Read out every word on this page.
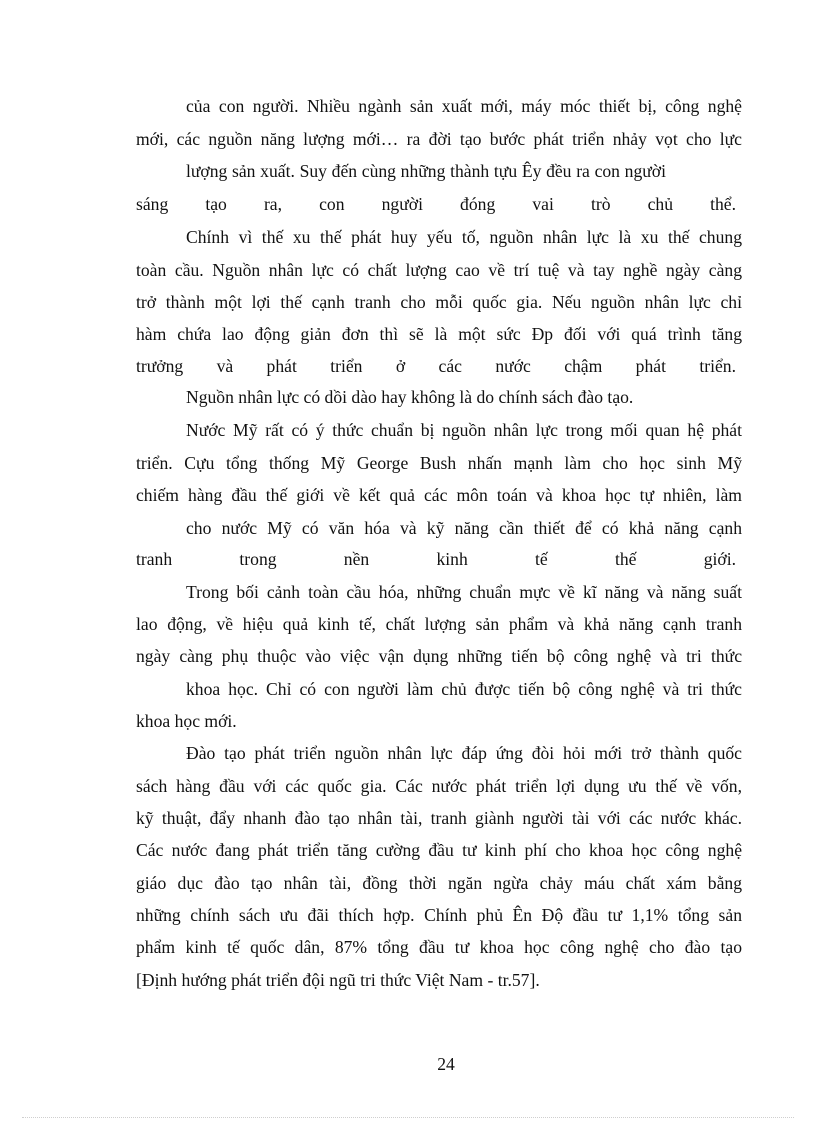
của con người. Nhiều ngành sản xuất mới, máy móc thiết bị, công nghệ
mới, các nguồn năng lượng mới… ra đời tạo bước phát triển nhảy vọt cho lực
lượng sản xuất. Suy đến cùng những thành tựu Êy đều ra con người
sáng tạo ra, con người đóng vai trò chủ thể.
Chính vì thế xu thế phát huy yếu tố, nguồn nhân lực là xu thế chung
toàn cầu. Nguồn nhân lực có chất lượng cao về trí tuệ và tay nghề ngày càng
trở thành một lợi thế cạnh tranh cho mỗi quốc gia. Nếu nguồn nhân lực chỉ
hàm chứa lao động giản đơn thì sẽ là một sức Ðp đối với quá trình tăng
trưởng và phát triển ở các nước chậm phát triển.
Nguồn nhân lực có dồi dào hay không là do chính sách đào tạo.
Nước Mỹ rất có ý thức chuẩn bị nguồn nhân lực trong mối quan hệ phát
triển. Cựu tổng thống Mỹ George Bush nhấn mạnh làm cho học sinh Mỹ
chiếm hàng đầu thế giới về kết quả các môn toán và khoa học tự nhiên, làm
cho nước Mỹ có văn hóa và kỹ năng cần thiết để có khả năng cạnh
tranh trong nền kinh tế thế giới.
Trong bối cảnh toàn cầu hóa, những chuẩn mực về kĩ năng và năng suất
lao động, về hiệu quả kinh tế, chất lượng sản phẩm và khả năng cạnh tranh
ngày càng phụ thuộc vào việc vận dụng những tiến bộ công nghệ và tri thức
khoa học. Chỉ có con người làm chủ được tiến bộ công nghệ và tri thức
khoa học mới.
Đào tạo phát triển nguồn nhân lực đáp ứng đòi hỏi mới trở thành quốc
sách hàng đầu với các quốc gia. Các nước phát triển lợi dụng ưu thế về vốn,
kỹ thuật, đẩy nhanh đào tạo nhân tài, tranh giành người tài với các nước khác.
Các nước đang phát triển tăng cường đầu tư kinh phí cho khoa học công nghệ
giáo dục đào tạo nhân tài, đồng thời ngăn ngừa chảy máu chất xám bằng
những chính sách ưu đãi thích hợp. Chính phủ Ên Độ đầu tư 1,1% tổng sản
phẩm kinh tế quốc dân, 87% tổng đầu tư khoa học công nghệ cho đào tạo
[Định hướng phát triển đội ngũ tri thức Việt Nam - tr.57].
24
